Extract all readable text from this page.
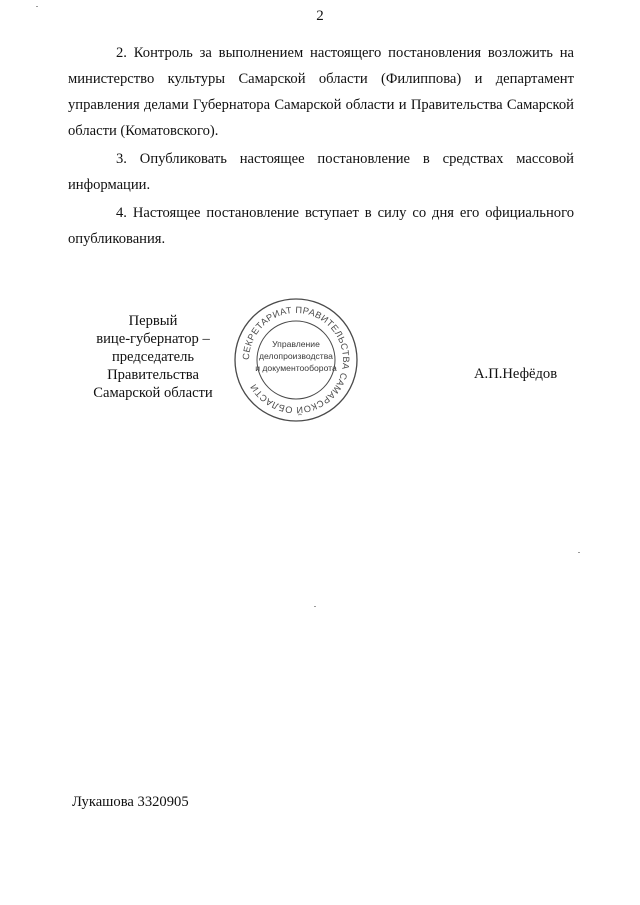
2

2. Контроль за выполнением настоящего постановления возложить на министерство культуры Самарской области (Филиппова) и департамент управления делами Губернатора Самарской области и Правительства Самарской области (Коматовского).

3. Опубликовать настоящее постановление в средствах массовой информации.

4. Настоящее постановление вступает в силу со дня его официального опубликования.

СЕКРЕТАРИАТ ПРАВИТЕЛЬСТВА САМАРСКОЙ ОБЛАСТИ
Управление
делопроизводства
и документооборота
Первый
вице-губернатор –
председатель Правительства
Самарской области
А.П.Нефёдов
Лукашова 3320905
